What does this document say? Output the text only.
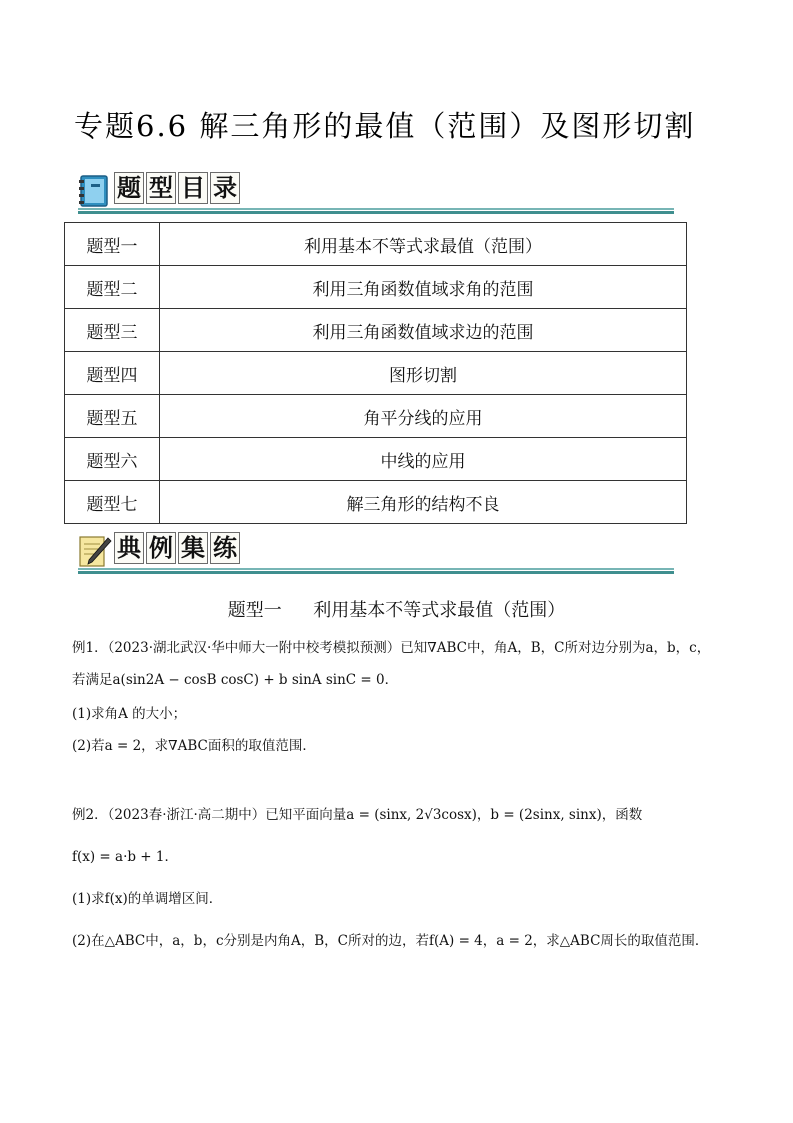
专题6.6 解三角形的最值（范围）及图形切割
题 型 目 录
题型一	利用基本不等式求最值（范围）
题型二	利用三角函数值域求角的范围
题型三	利用三角函数值域求边的范围
题型四	图形切割
题型五	角平分线的应用
题型六	中线的应用
题型七	解三角形的结构不良
典 例 集 练
题型一 利用基本不等式求最值（范围）
例1．（2023·湖北武汉·华中师大一附中校考模拟预测）已知∇ABC中，角A，B，C所对边分别为a，b，c，
若满足a(sin2A − cosB cosC) + b sinA sinC = 0．
(1)求角A 的大小；
(2)若a = 2，求∇ABC面积的取值范围．
例2．（2023春·浙江·高二期中）已知平面向量a = (sinx, 2√3cosx)，b = (2sinx, sinx)，函数
f(x) = a·b + 1．
(1)求f(x)的单调增区间．
(2)在△ABC中，a，b，c分别是内角A，B，C所对的边，若f(A) = 4，a = 2，求△ABC周长的取值范围．
